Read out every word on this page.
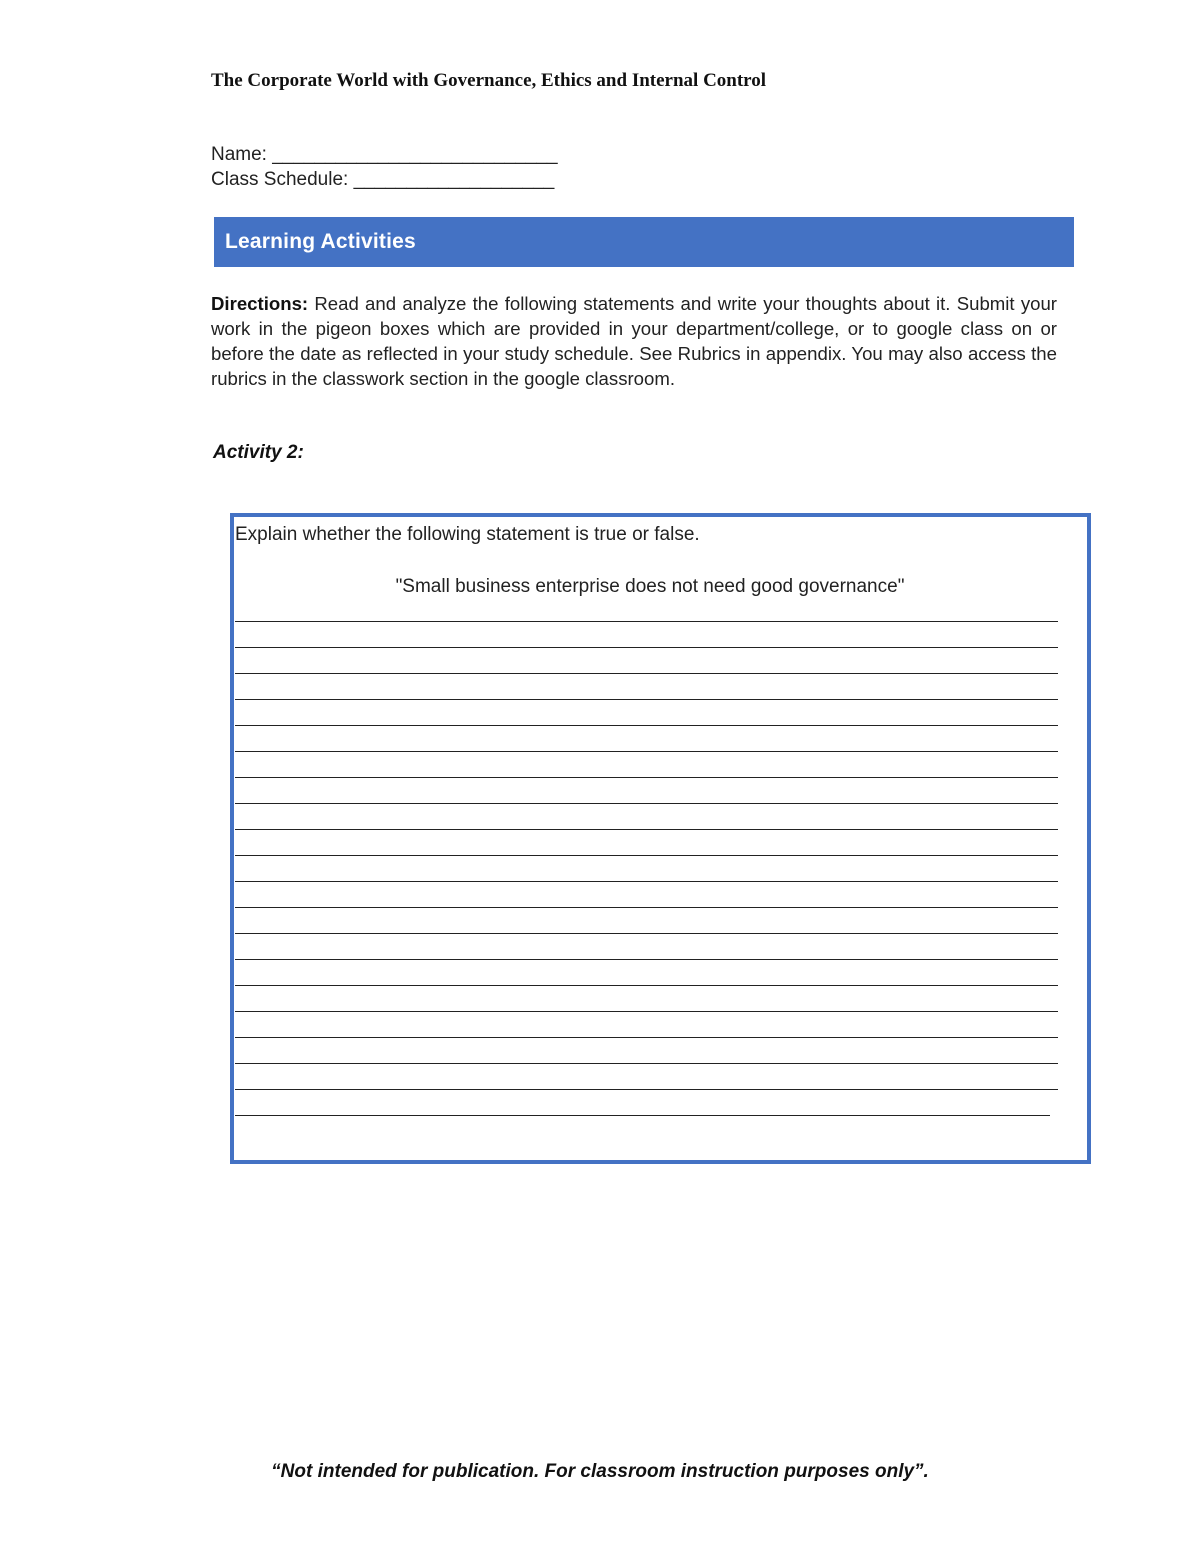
The Corporate World with Governance, Ethics and Internal Control
Name: ___________________________
Class Schedule: ___________________
Learning Activities
Directions: Read and analyze the following statements and write your thoughts about it. Submit your work in the pigeon boxes which are provided in your department/college, or to google class on or before the date as reflected in your study schedule. See Rubrics in appendix. You may also access the rubrics in the classwork section in the google classroom.
Activity 2:
Explain whether the following statement is true or false.
"Small business enterprise does not need good governance"
“Not intended for publication. For classroom instruction purposes only”.
